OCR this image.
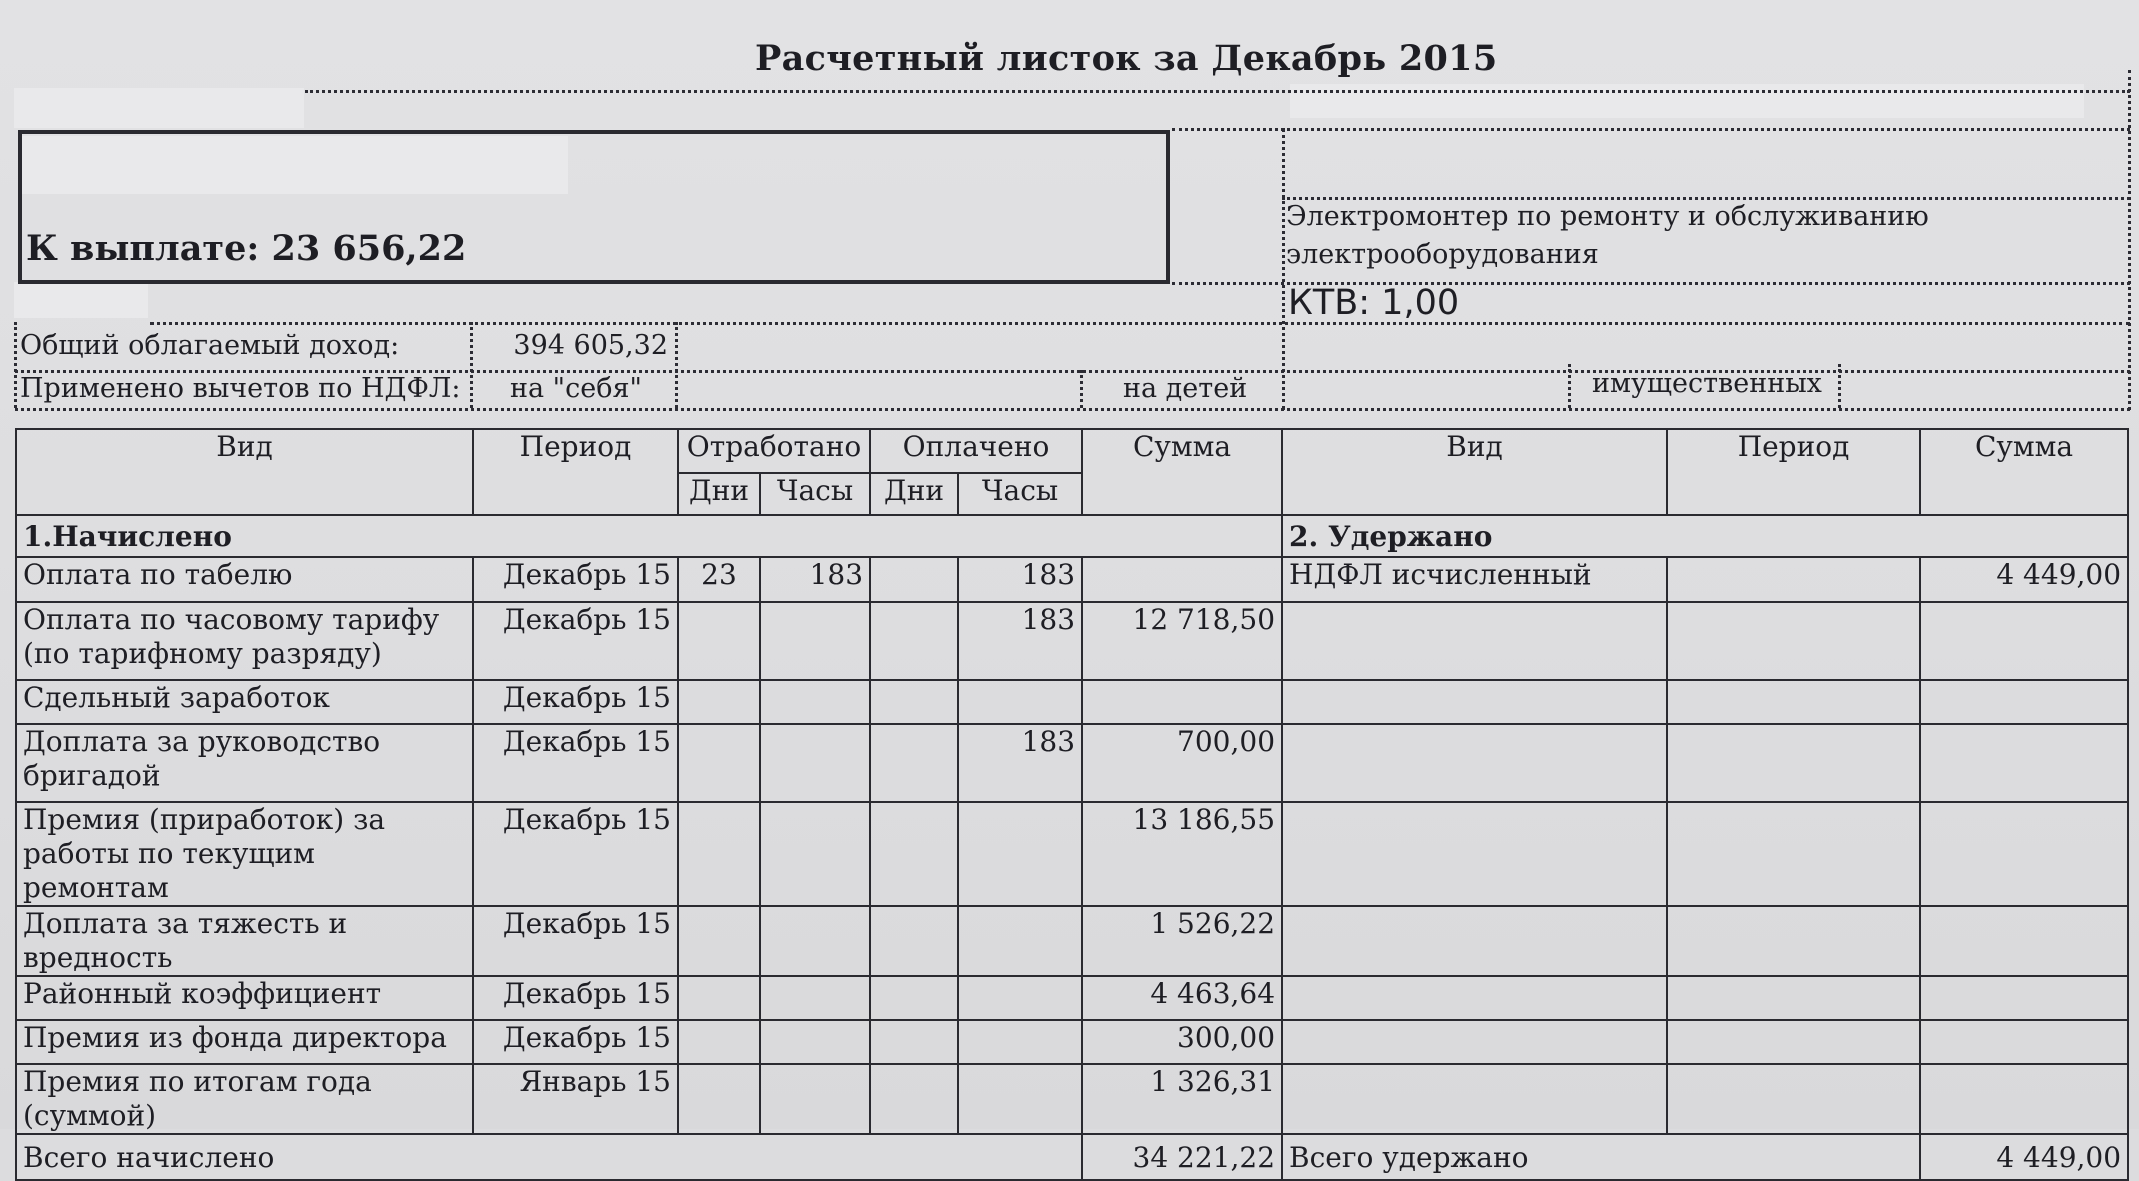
Расчетный листок за Декабрь 2015
К выплате: 23 656,22
Электромонтер по ремонту и обслуживанию электрооборудования
КТВ: 1,00
Общий облагаемый доход:	394 605,32
Применено вычетов по НДФЛ: на "себя"	на детей	имущественных
Вид	Период	Отработано		Оплачено		Сумма	Вид	Период	Сумма
		Дни	Часы	Дни	Часы				
1.Начислено							2. Удержано		
Оплата по табелю	Декабрь 15	23	183		183		НДФЛ исчисленный		4 449,00
Оплата по часовому тарифу (по тарифному разряду)	Декабрь 15				183	12 718,50			
Сдельный заработок	Декабрь 15								
Доплата за руководство бригадой	Декабрь 15				183	700,00			
Премия (приработок) за работы по текущим ремонтам	Декабрь 15					13 186,55			
Доплата за тяжесть и вредность	Декабрь 15					1 526,22			
Районный коэффициент	Декабрь 15					4 463,64			
Премия из фонда директора	Декабрь 15					300,00			
Премия по итогам года (суммой)	Январь 15					1 326,31			
Всего начислено						34 221,22	Всего удержано		4 449,00
